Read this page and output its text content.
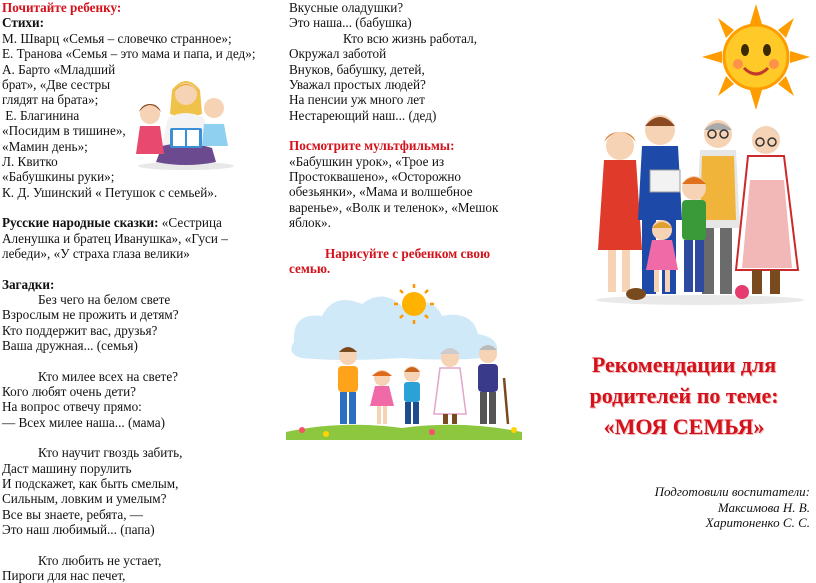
Почитайте ребенку:
Стихи:
М. Шварц «Семья – словечко странное»;
Е. Транова «Семья – это мама и папа, и дед»;
А. Барто «Младший
брат», «Две сестры
глядят на брата»;
Е. Благинина
«Посидим в тишине»,
«Мамин день»;
Л. Квитко
«Бабушкины руки»;
К. Д. Ушинский « Петушок с семьей».
Русские народные сказки: «Сестрица
Аленушка и братец Иванушка», «Гуси –
лебеди», «У страха глаза велики»
Загадки:
Без чего на белом свете
Взрослым не прожить и детям?
Кто поддержит вас, друзья?
Ваша дружная... (семья)
Кто милее всех на свете?
Кого любят очень дети?
На вопрос отвечу прямо:
— Всех милее наша... (мама)
Кто научит гвоздь забить,
Даст машину порулить
И подскажет, как быть смелым,
Сильным, ловким и умелым?
Все вы знаете, ребята, —
Это наш любимый... (папа)
Кто любить не устает,
Пироги для нас печет,
Вкусные оладушки?
Это наша... (бабушка)
Кто всю жизнь работал,
Окружал заботой
Внуков, бабушку, детей,
Уважал простых людей?
На пенсии уж много лет
Нестареющий наш... (дед)
Посмотрите мультфильмы:
«Бабушкин урок», «Трое из
Простоквашено», «Осторожно
обезьянки», «Мама и волшебное
варенье», «Волк и теленок», «Мешок
яблок».
Нарисуйте с ребенком свою
семью.
Рекомендации для
родителей по теме:
«МОЯ СЕМЬЯ»
Подготовили воспитатели:
Максимова Н. В.
Харитоненко С. С.
